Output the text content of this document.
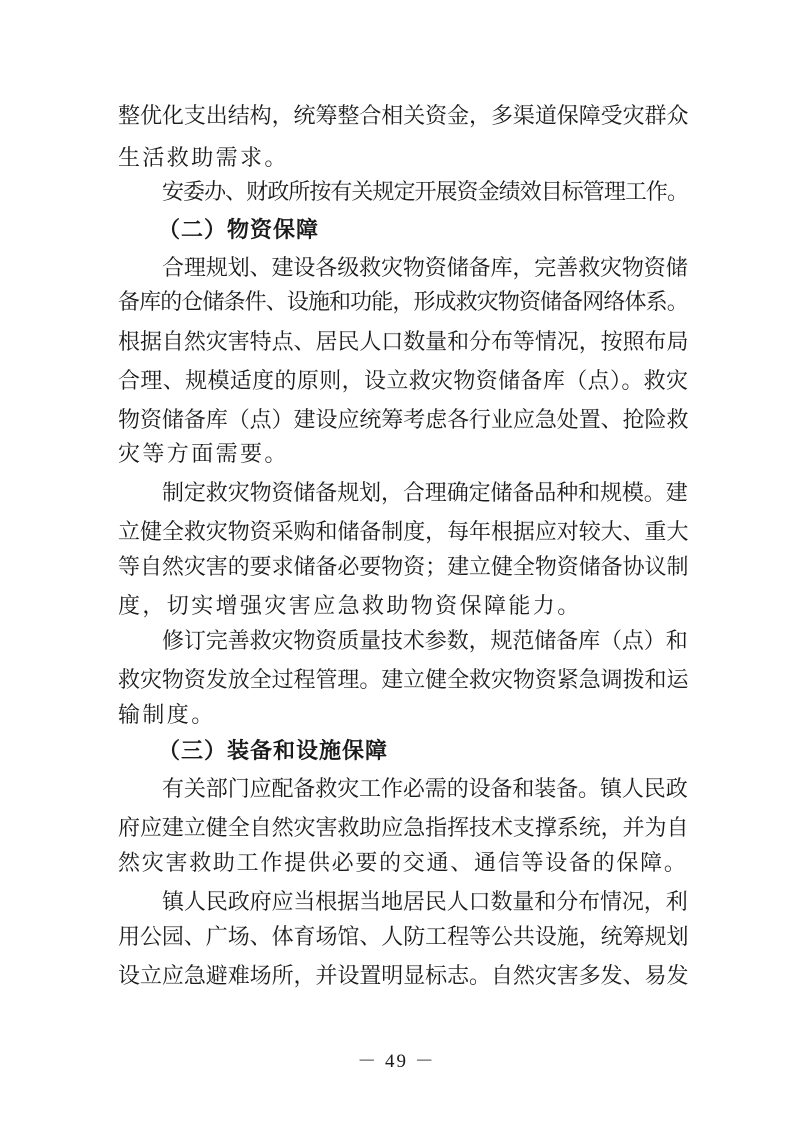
整优化支出结构，统筹整合相关资金，多渠道保障受灾群众
生活救助需求。
安委办、财政所按有关规定开展资金绩效目标管理工作。
（二）物资保障
合理规划、建设各级救灾物资储备库，完善救灾物资储
备库的仓储条件、设施和功能，形成救灾物资储备网络体系。
根据自然灾害特点、居民人口数量和分布等情况，按照布局
合理、规模适度的原则，设立救灾物资储备库（点）。救灾
物资储备库（点）建设应统筹考虑各行业应急处置、抢险救
灾等方面需要。
制定救灾物资储备规划，合理确定储备品种和规模。建
立健全救灾物资采购和储备制度，每年根据应对较大、重大
等自然灾害的要求储备必要物资；建立健全物资储备协议制
度，切实增强灾害应急救助物资保障能力。
修订完善救灾物资质量技术参数，规范储备库（点）和
救灾物资发放全过程管理。建立健全救灾物资紧急调拨和运
输制度。
（三）装备和设施保障
有关部门应配备救灾工作必需的设备和装备。镇人民政
府应建立健全自然灾害救助应急指挥技术支撑系统，并为自
然灾害救助工作提供必要的交通、通信等设备的保障。
镇人民政府应当根据当地居民人口数量和分布情况，利
用公园、广场、体育场馆、人防工程等公共设施，统筹规划
设立应急避难场所，并设置明显标志。自然灾害多发、易发
－ 49 －
